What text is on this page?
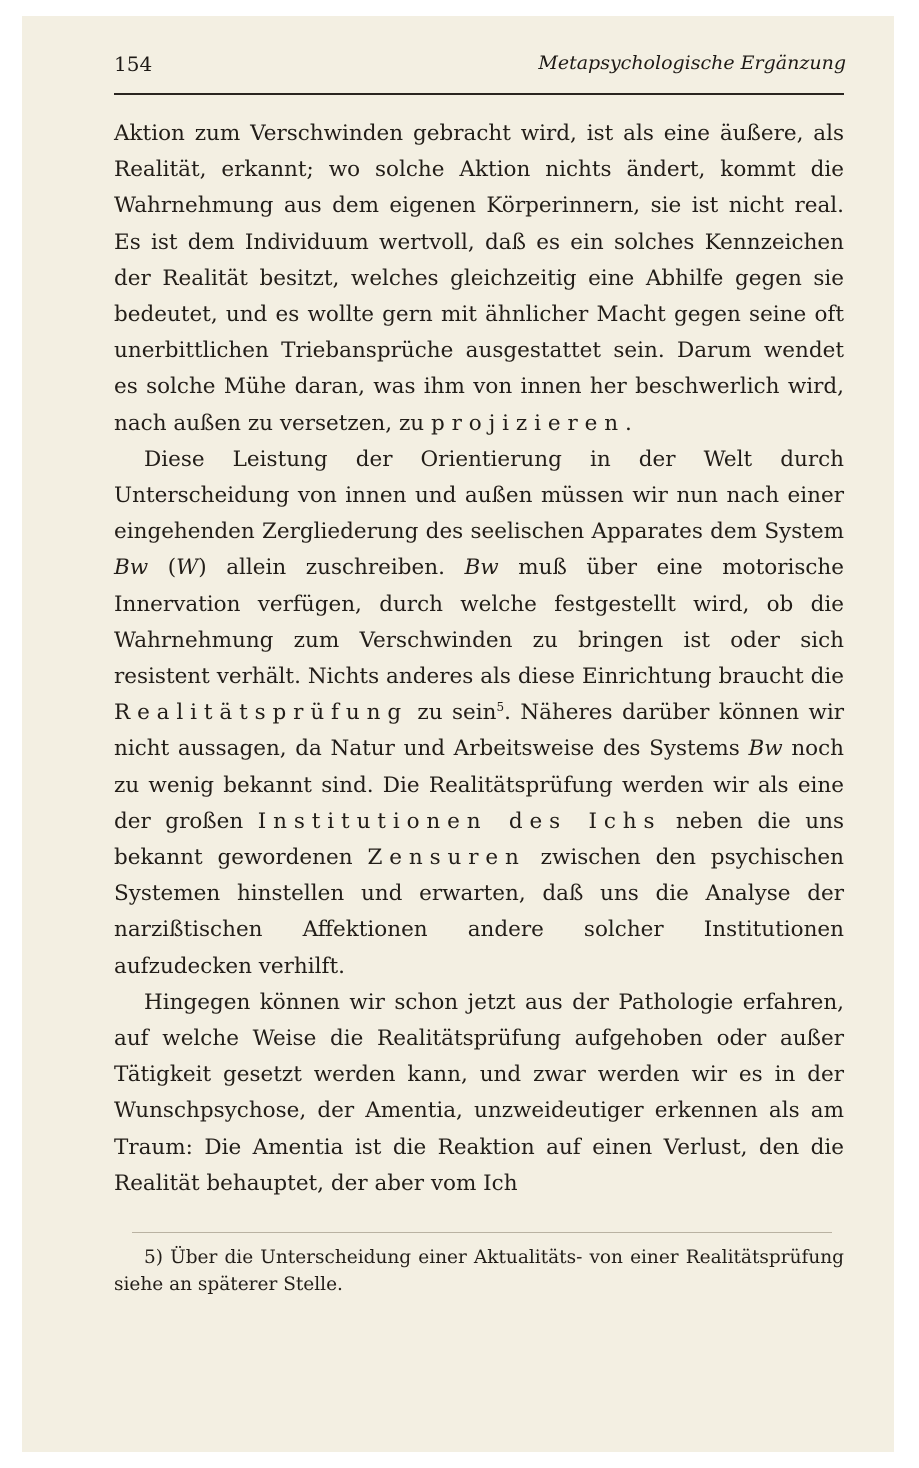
154	Metapsychologische Ergänzung

Aktion zum Verschwinden gebracht wird, ist als eine äußere, als Realität, erkannt; wo solche Aktion nichts ändert, kommt die Wahrnehmung aus dem eigenen Körperinnern, sie ist nicht real. Es ist dem Individuum wertvoll, daß es ein solches Kennzeichen der Realität besitzt, welches gleichzeitig eine Abhilfe gegen sie bedeutet, und es wollte gern mit ähnlicher Macht gegen seine oft unerbittlichen Triebansprüche ausgestattet sein. Darum wendet es solche Mühe daran, was ihm von innen her beschwerlich wird, nach außen zu versetzen, zu projizieren.

Diese Leistung der Orientierung in der Welt durch Unterscheidung von innen und außen müssen wir nun nach einer eingehenden Zergliederung des seelischen Apparates dem System Bw (W) allein zuschreiben. Bw muß über eine motorische Innervation verfügen, durch welche festgestellt wird, ob die Wahrnehmung zum Verschwinden zu bringen ist oder sich resistent verhält. Nichts anderes als diese Einrichtung braucht die Realitätsprüfung zu sein$^5$. Näheres darüber können wir nicht aussagen, da Natur und Arbeitsweise des Systems Bw noch zu wenig bekannt sind. Die Realitätsprüfung werden wir als eine der großen Institutionen des Ichs neben die uns bekannt gewordenen Zensuren zwischen den psychischen Systemen hinstellen und erwarten, daß uns die Analyse der narzißtischen Affektionen andere solcher Institutionen aufzudecken verhilft.

Hingegen können wir schon jetzt aus der Pathologie erfahren, auf welche Weise die Realitätsprüfung aufgehoben oder außer Tätigkeit gesetzt werden kann, und zwar werden wir es in der Wunschpsychose, der Amentia, unzweideutiger erkennen als am Traum: Die Amentia ist die Reaktion auf einen Verlust, den die Realität behauptet, der aber vom Ich

5) Über die Unterscheidung einer Aktualitäts- von einer Realitätsprüfung siehe an späterer Stelle.
